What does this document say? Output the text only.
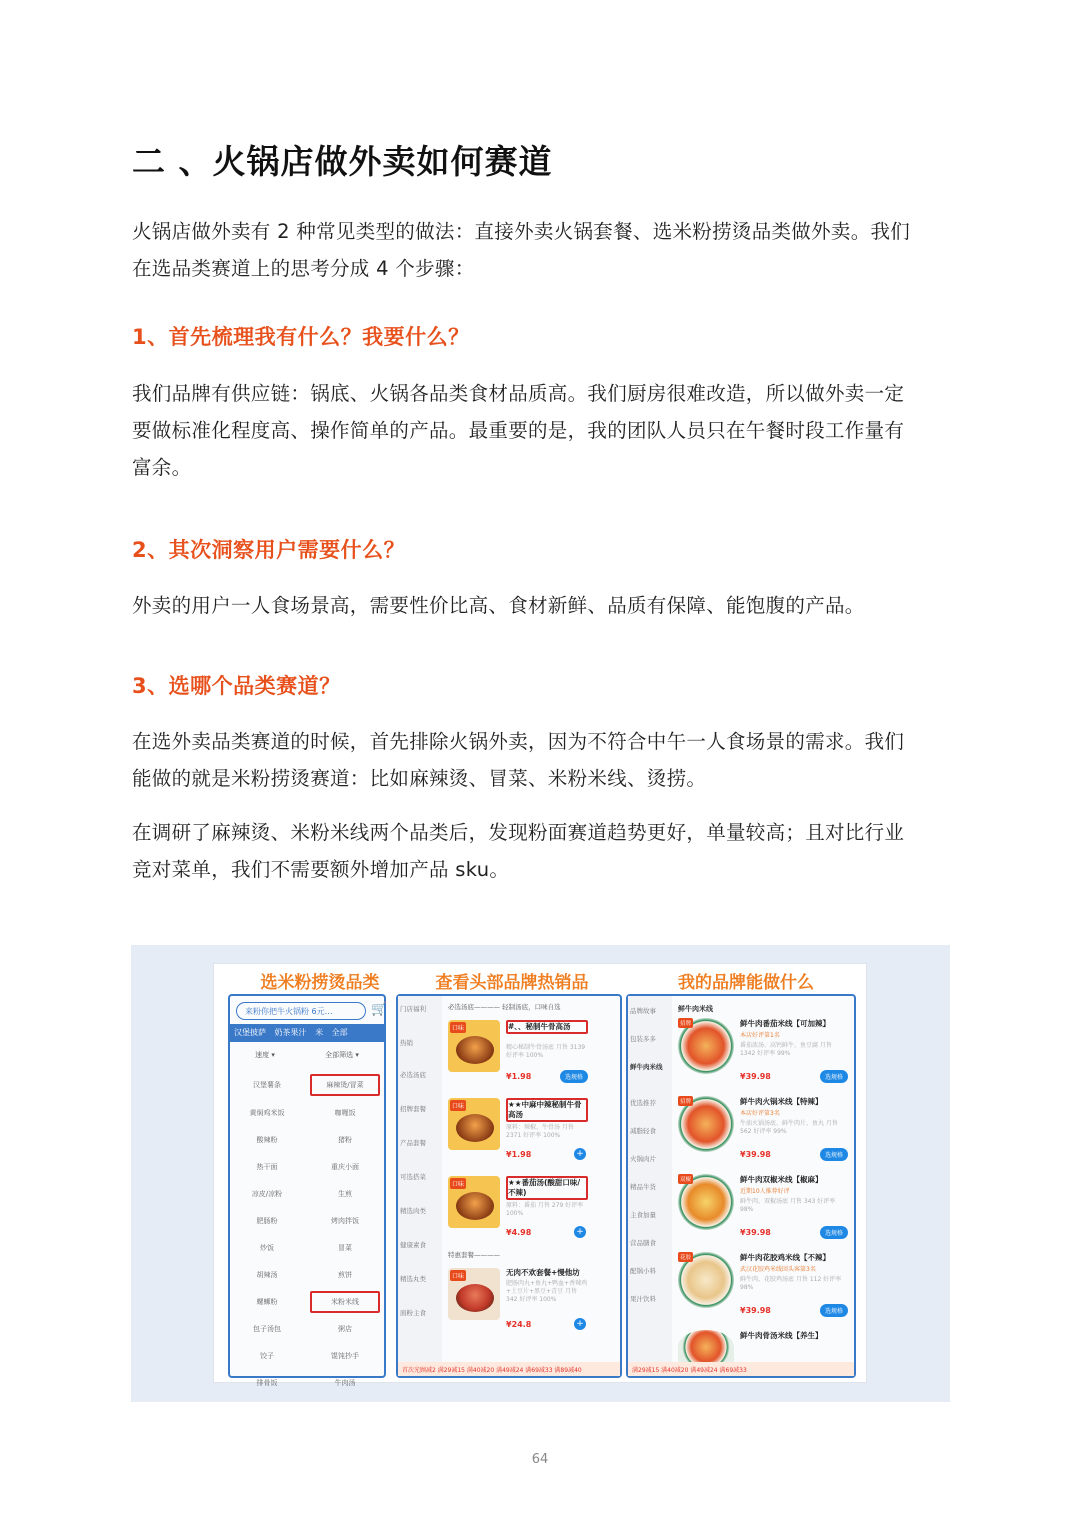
二 、火锅店做外卖如何赛道
火锅店做外卖有 2 种常见类型的做法：直接外卖火锅套餐、选米粉捞烫品类做外卖。我们
在选品类赛道上的思考分成 4 个步骤：
1、首先梳理我有什么？我要什么？
我们品牌有供应链：锅底、火锅各品类食材品质高。我们厨房很难改造，所以做外卖一定
要做标准化程度高、操作简单的产品。最重要的是，我的团队人员只在午餐时段工作量有
富余。
2、其次洞察用户需要什么？
外卖的用户一人食场景高，需要性价比高、食材新鲜、品质有保障、能饱腹的产品。
3、选哪个品类赛道？
在选外卖品类赛道的时候，首先排除火锅外卖，因为不符合中午一人食场景的需求。我们
能做的就是米粉捞烫赛道：比如麻辣烫、冒菜、米粉米线、烫捞。
在调研了麻辣烫、米粉米线两个品类后，发现粉面赛道趋势更好，单量较高；且对比行业
竞对菜单，我们不需要额外增加产品 sku。
选米粉捞烫品类
来粉你把牛火锅粉 6元…	🛒
汉堡披萨 奶茶果汁 米 全部
速度 ▾	全部筛选 ▾
汉堡薯条	麻辣烫/冒菜
黄焖鸡米饭	咖喱饭
酸辣粉	猪粉
热干面	重庆小面
凉皮/凉粉	生煎
肥肠粉	烤肉拌饭
炒饭	冒菜
胡辣汤	煎饼
螺蛳粉	米粉米线
包子汤包	粥店
饺子	馄饨抄手
排骨饭	牛肉汤
查看头部品牌热销品
门店福利
热销
必选汤底
招牌套餐
产品套餐
可选搭菜
精选肉类
健康素食
精选丸类
面粉主食
必选汤底———— 轻制汤底，口味自选
口味	#、、秘制牛骨高汤
精心秘制牛骨汤底 月售 3139 好评率 100%
¥1.98	选规格
口味	★★中麻中辣秘制牛骨高汤
原料：辣椒、牛骨汤 月售 2371 好评率 100%
¥1.98	+
口味	★★番茄汤(酸甜口味/不辣)
原料：番茄 月售 279 好评率 100%
¥4.98	+
特惠套餐————
口味	无肉不欢套餐+慢他坊
肥肠肉丸+鱼丸+鸭血+香辣鸡+土豆片+黑豆+青豆 月售 342 好评率 100%
¥24.8	+
首次光顾减2 满29减15 满40减20 满49减24 满69减33 满89减40
我的品牌能做什么
品牌故事
包装多多
鲜牛肉米线
优选推荐
减脂轻食
火锅肉片
精品牛货
主食加量
营品膳食
配锅小料
果汁饮料
鲜牛肉米线
招牌	鲜牛肉番茄米线【可加辣】
本店好评第1名
番茄浓汤、高钙鲜牛、鱼豆腐 月售 1342 好评率 99%
¥39.98	选规格
招牌	鲜牛肉火锅米线【特辣】
本店好评第3名
牛油火锅汤底、鲜牛肉片、鱼丸 月售 562 好评率 99%
¥39.98	选规格
双椒	鲜牛肉双椒米线【椒麻】
近期10人推荐好评
鲜牛肉、双椒汤底 月售 343 好评率 98%
¥39.98	选规格
花胶	鲜牛肉花胶鸡米线【不辣】
武汉花胶鸡米线回头客第3名
鲜牛肉、花胶鸡汤底 月售 112 好评率 98%
¥39.98	选规格
鲜牛肉骨汤米线【养生】
满29减15 满40减20 满49减24 满69减33
64
